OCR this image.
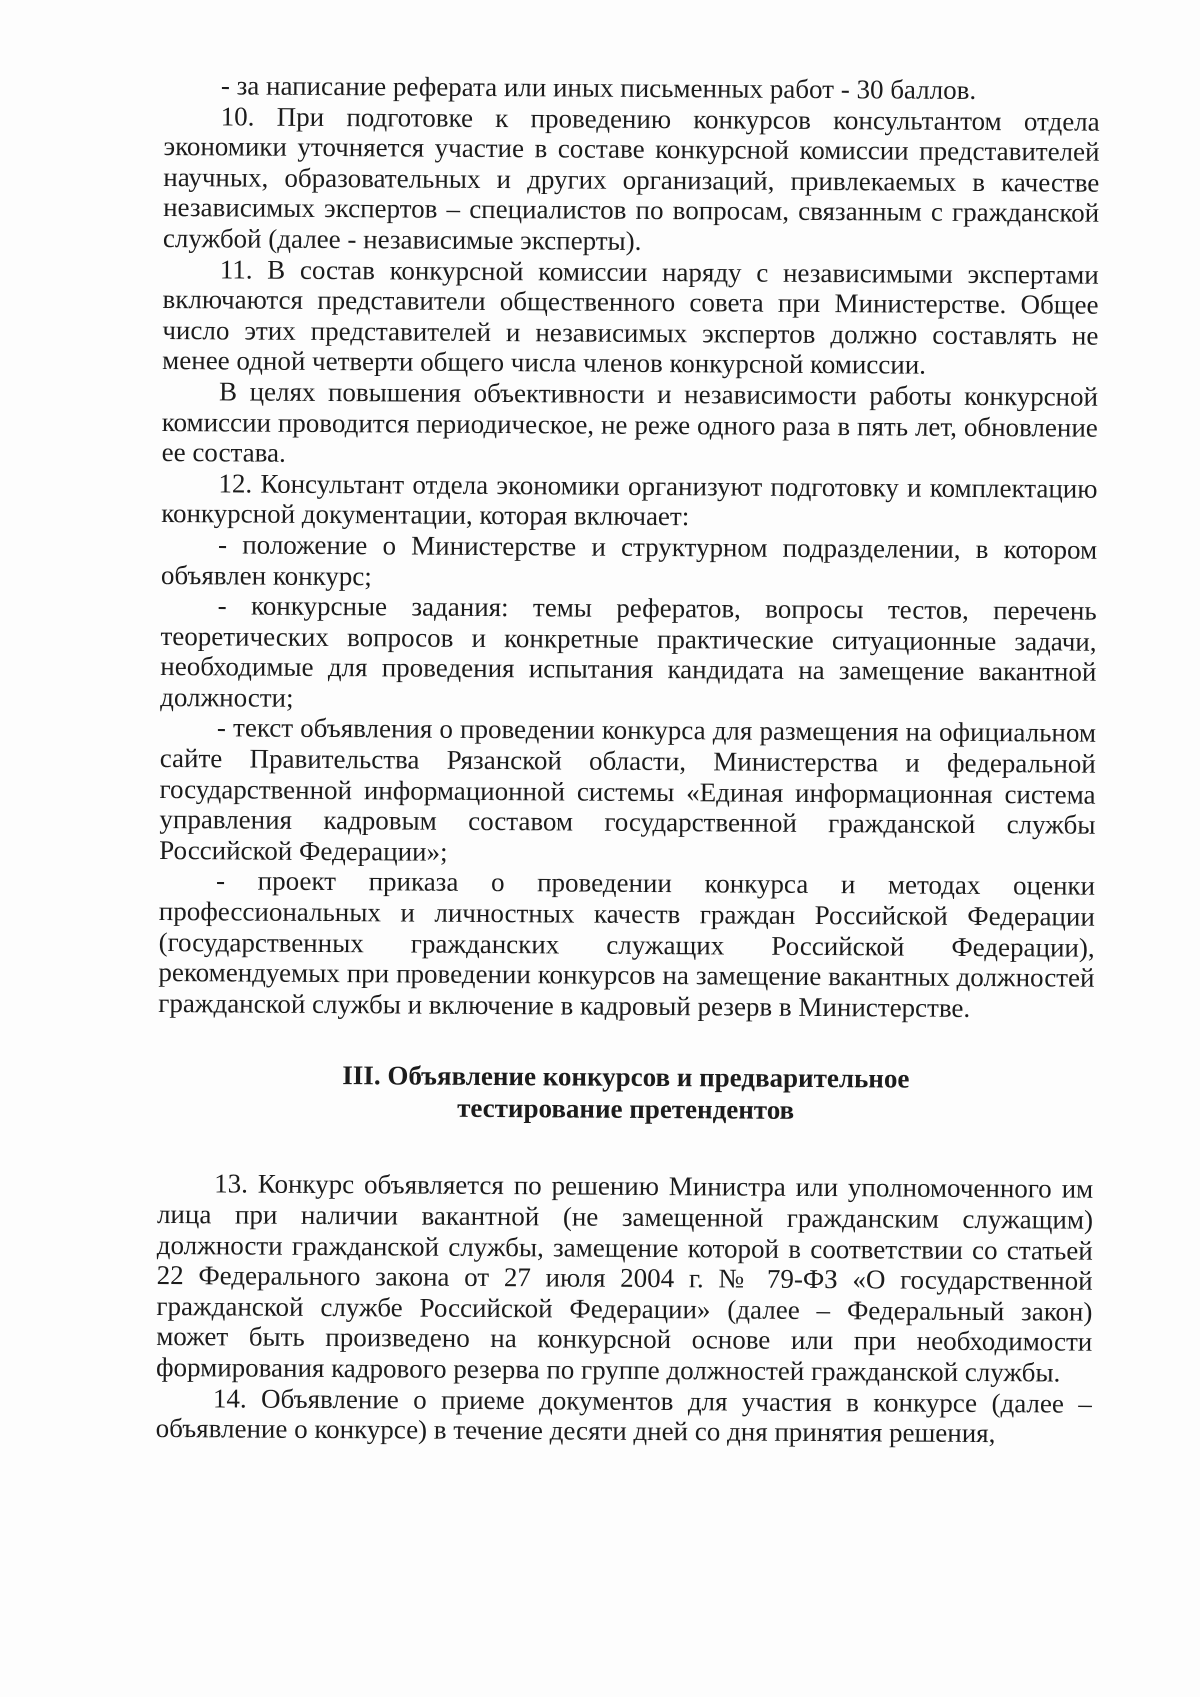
- за написание реферата или иных письменных работ - 30 баллов.

10. При подготовке к проведению конкурсов консультантом отдела экономики уточняется участие в составе конкурсной комиссии представителей научных, образовательных и других организаций, привлекаемых в качестве независимых экспертов – специалистов по вопросам, связанным с гражданской службой (далее - независимые эксперты).

11. В состав конкурсной комиссии наряду с независимыми экспертами включаются представители общественного совета при Министерстве. Общее число этих представителей и независимых экспертов должно составлять не менее одной четверти общего числа членов конкурсной комиссии.

В целях повышения объективности и независимости работы конкурсной комиссии проводится периодическое, не реже одного раза в пять лет, обновление ее состава.

12. Консультант отдела экономики организуют подготовку и комплектацию конкурсной документации, которая включает:

- положение о Министерстве и структурном подразделении, в котором объявлен конкурс;

- конкурсные задания: темы рефератов, вопросы тестов, перечень теоретических вопросов и конкретные практические ситуационные задачи, необходимые для проведения испытания кандидата на замещение вакантной должности;

- текст объявления о проведении конкурса для размещения на официальном сайте Правительства Рязанской области, Министерства и федеральной государственной информационной системы «Единая информационная система управления кадровым составом государственной гражданской службы Российской Федерации»;

- проект приказа о проведении конкурса и методах оценки профессиональных и личностных качеств граждан Российской Федерации (государственных гражданских служащих Российской Федерации), рекомендуемых при проведении конкурсов на замещение вакантных должностей гражданской службы и включение в кадровый резерв в Министерстве.

III. Объявление конкурсов и предварительное
тестирование претендентов

13. Конкурс объявляется по решению Министра или уполномоченного им лица при наличии вакантной (не замещенной гражданским служащим) должности гражданской службы, замещение которой в соответствии со статьей 22 Федерального закона от 27 июля 2004 г. № 79-ФЗ «О государственной гражданской службе Российской Федерации» (далее – Федеральный закон) может быть произведено на конкурсной основе или при необходимости формирования кадрового резерва по группе должностей гражданской службы.

14. Объявление о приеме документов для участия в конкурсе (далее – объявление о конкурсе) в течение десяти дней со дня принятия решения,
